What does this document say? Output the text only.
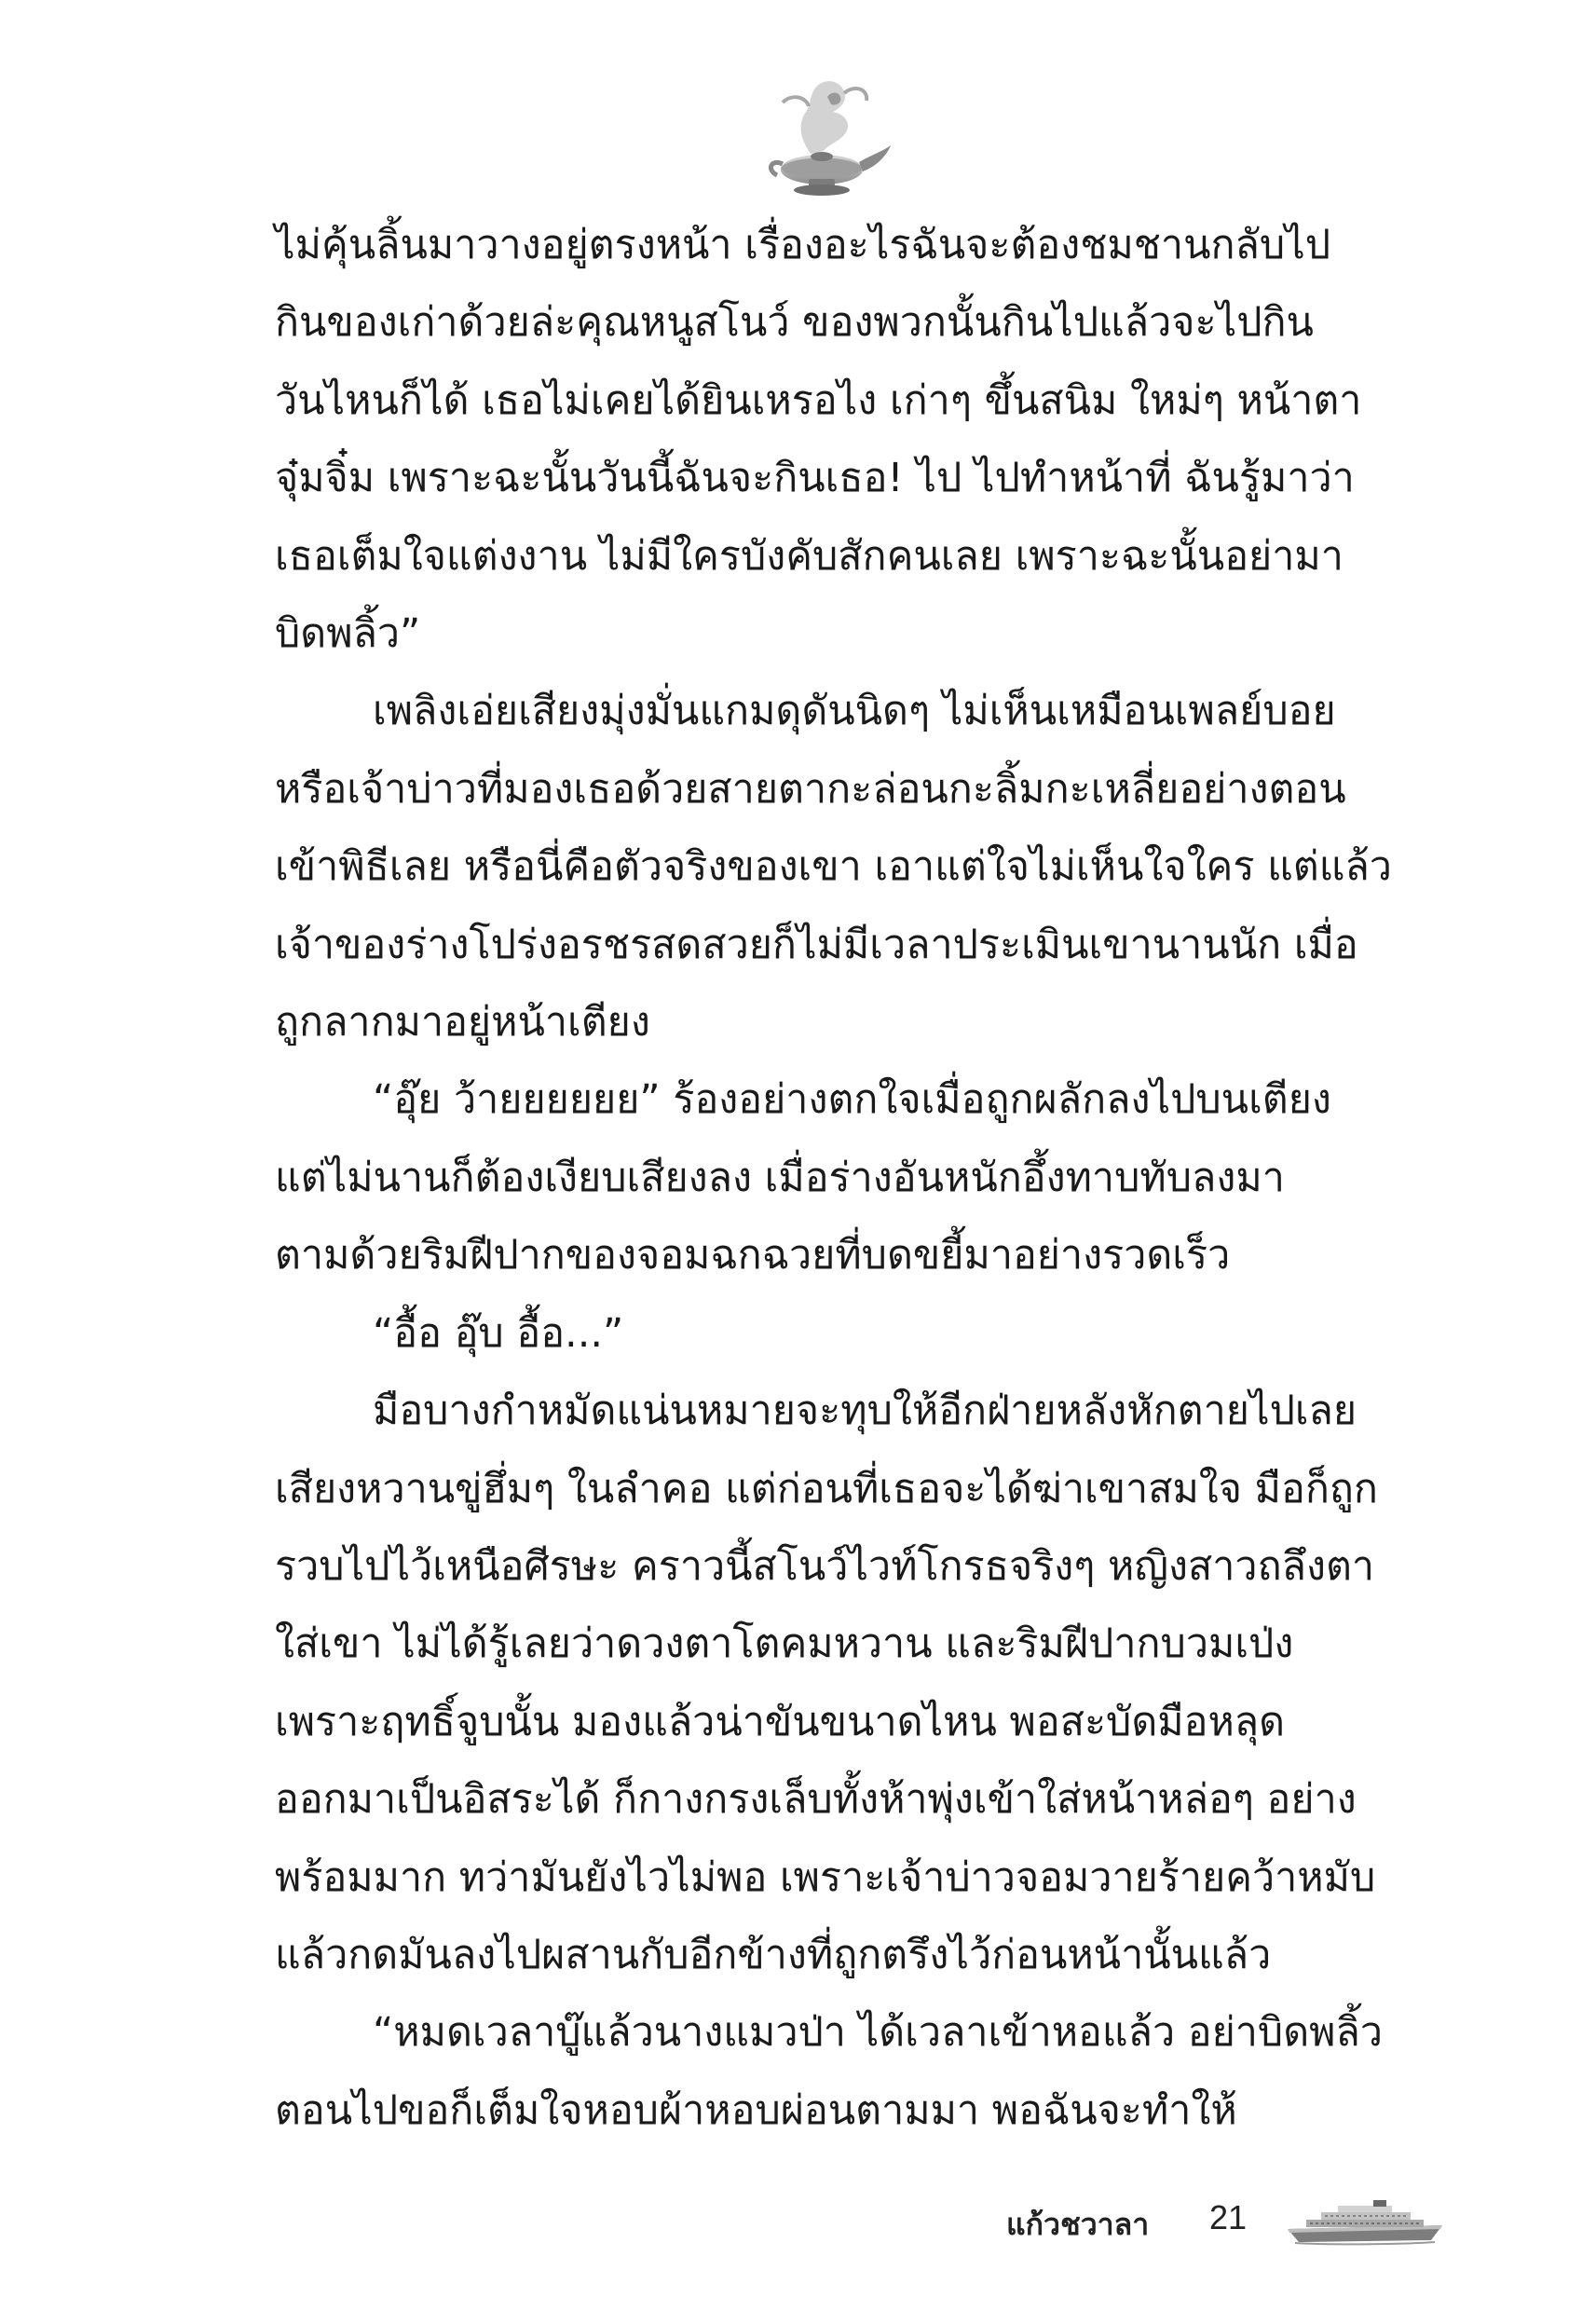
ไม่คุ้นลิ้นมาวางอยู่ตรงหน้า เรื่องอะไรฉันจะต้องชมชานกลับไป

กินของเก่าด้วยล่ะคุณหนูสโนว์ ของพวกนั้นกินไปแล้วจะไปกิน

วันไหนก็ได้ เธอไม่เคยได้ยินเหรอไง เก่าๆ ขึ้นสนิม ใหม่ๆ หน้าตา

จุ๋มจิ๋ม เพราะฉะนั้นวันนี้ฉันจะกินเธอ! ไป ไปทำหน้าที่ ฉันรู้มาว่า

เธอเต็มใจแต่งงาน ไม่มีใครบังคับสักคนเลย เพราะฉะนั้นอย่ามา

บิดพลิ้ว”

เพลิงเอ่ยเสียงมุ่งมั่นแกมดุดันนิดๆ ไม่เห็นเหมือนเพลย์บอย

หรือเจ้าบ่าวที่มองเธอด้วยสายตากะล่อนกะลิ้มกะเหลี่ยอย่างตอน

เข้าพิธีเลย หรือนี่คือตัวจริงของเขา เอาแต่ใจไม่เห็นใจใคร แต่แล้ว

เจ้าของร่างโปร่งอรชรสดสวยก็ไม่มีเวลาประเมินเขานานนัก เมื่อ

ถูกลากมาอยู่หน้าเตียง

“อุ๊ย ว้ายยยยยย” ร้องอย่างตกใจเมื่อถูกผลักลงไปบนเตียง

แต่ไม่นานก็ต้องเงียบเสียงลง เมื่อร่างอันหนักอึ้งทาบทับลงมา

ตามด้วยริมฝีปากของจอมฉกฉวยที่บดขยี้มาอย่างรวดเร็ว

“อื้อ อุ๊บ อื้อ...”

มือบางกำหมัดแน่นหมายจะทุบให้อีกฝ่ายหลังหักตายไปเลย

เสียงหวานขู่ฮึ่มๆ ในลำคอ แต่ก่อนที่เธอจะได้ฆ่าเขาสมใจ มือก็ถูก

รวบไปไว้เหนือศีรษะ คราวนี้สโนว์ไวท์โกรธจริงๆ หญิงสาวถลึงตา

ใส่เขา ไม่ได้รู้เลยว่าดวงตาโตคมหวาน และริมฝีปากบวมเป่ง

เพราะฤทธิ์จูบนั้น มองแล้วน่าขันขนาดไหน พอสะบัดมือหลุด

ออกมาเป็นอิสระได้ ก็กางกรงเล็บทั้งห้าพุ่งเข้าใส่หน้าหล่อๆ อย่าง

พร้อมมาก ทว่ามันยังไวไม่พอ เพราะเจ้าบ่าวจอมวายร้ายคว้าหมับ

แล้วกดมันลงไปผสานกับอีกข้างที่ถูกตรึงไว้ก่อนหน้านั้นแล้ว

“หมดเวลาบู๊แล้วนางแมวป่า ได้เวลาเข้าหอแล้ว อย่าบิดพลิ้ว

ตอนไปขอก็เต็มใจหอบผ้าหอบผ่อนตามมา พอฉันจะทำให้

แก้วชวาลา 21
